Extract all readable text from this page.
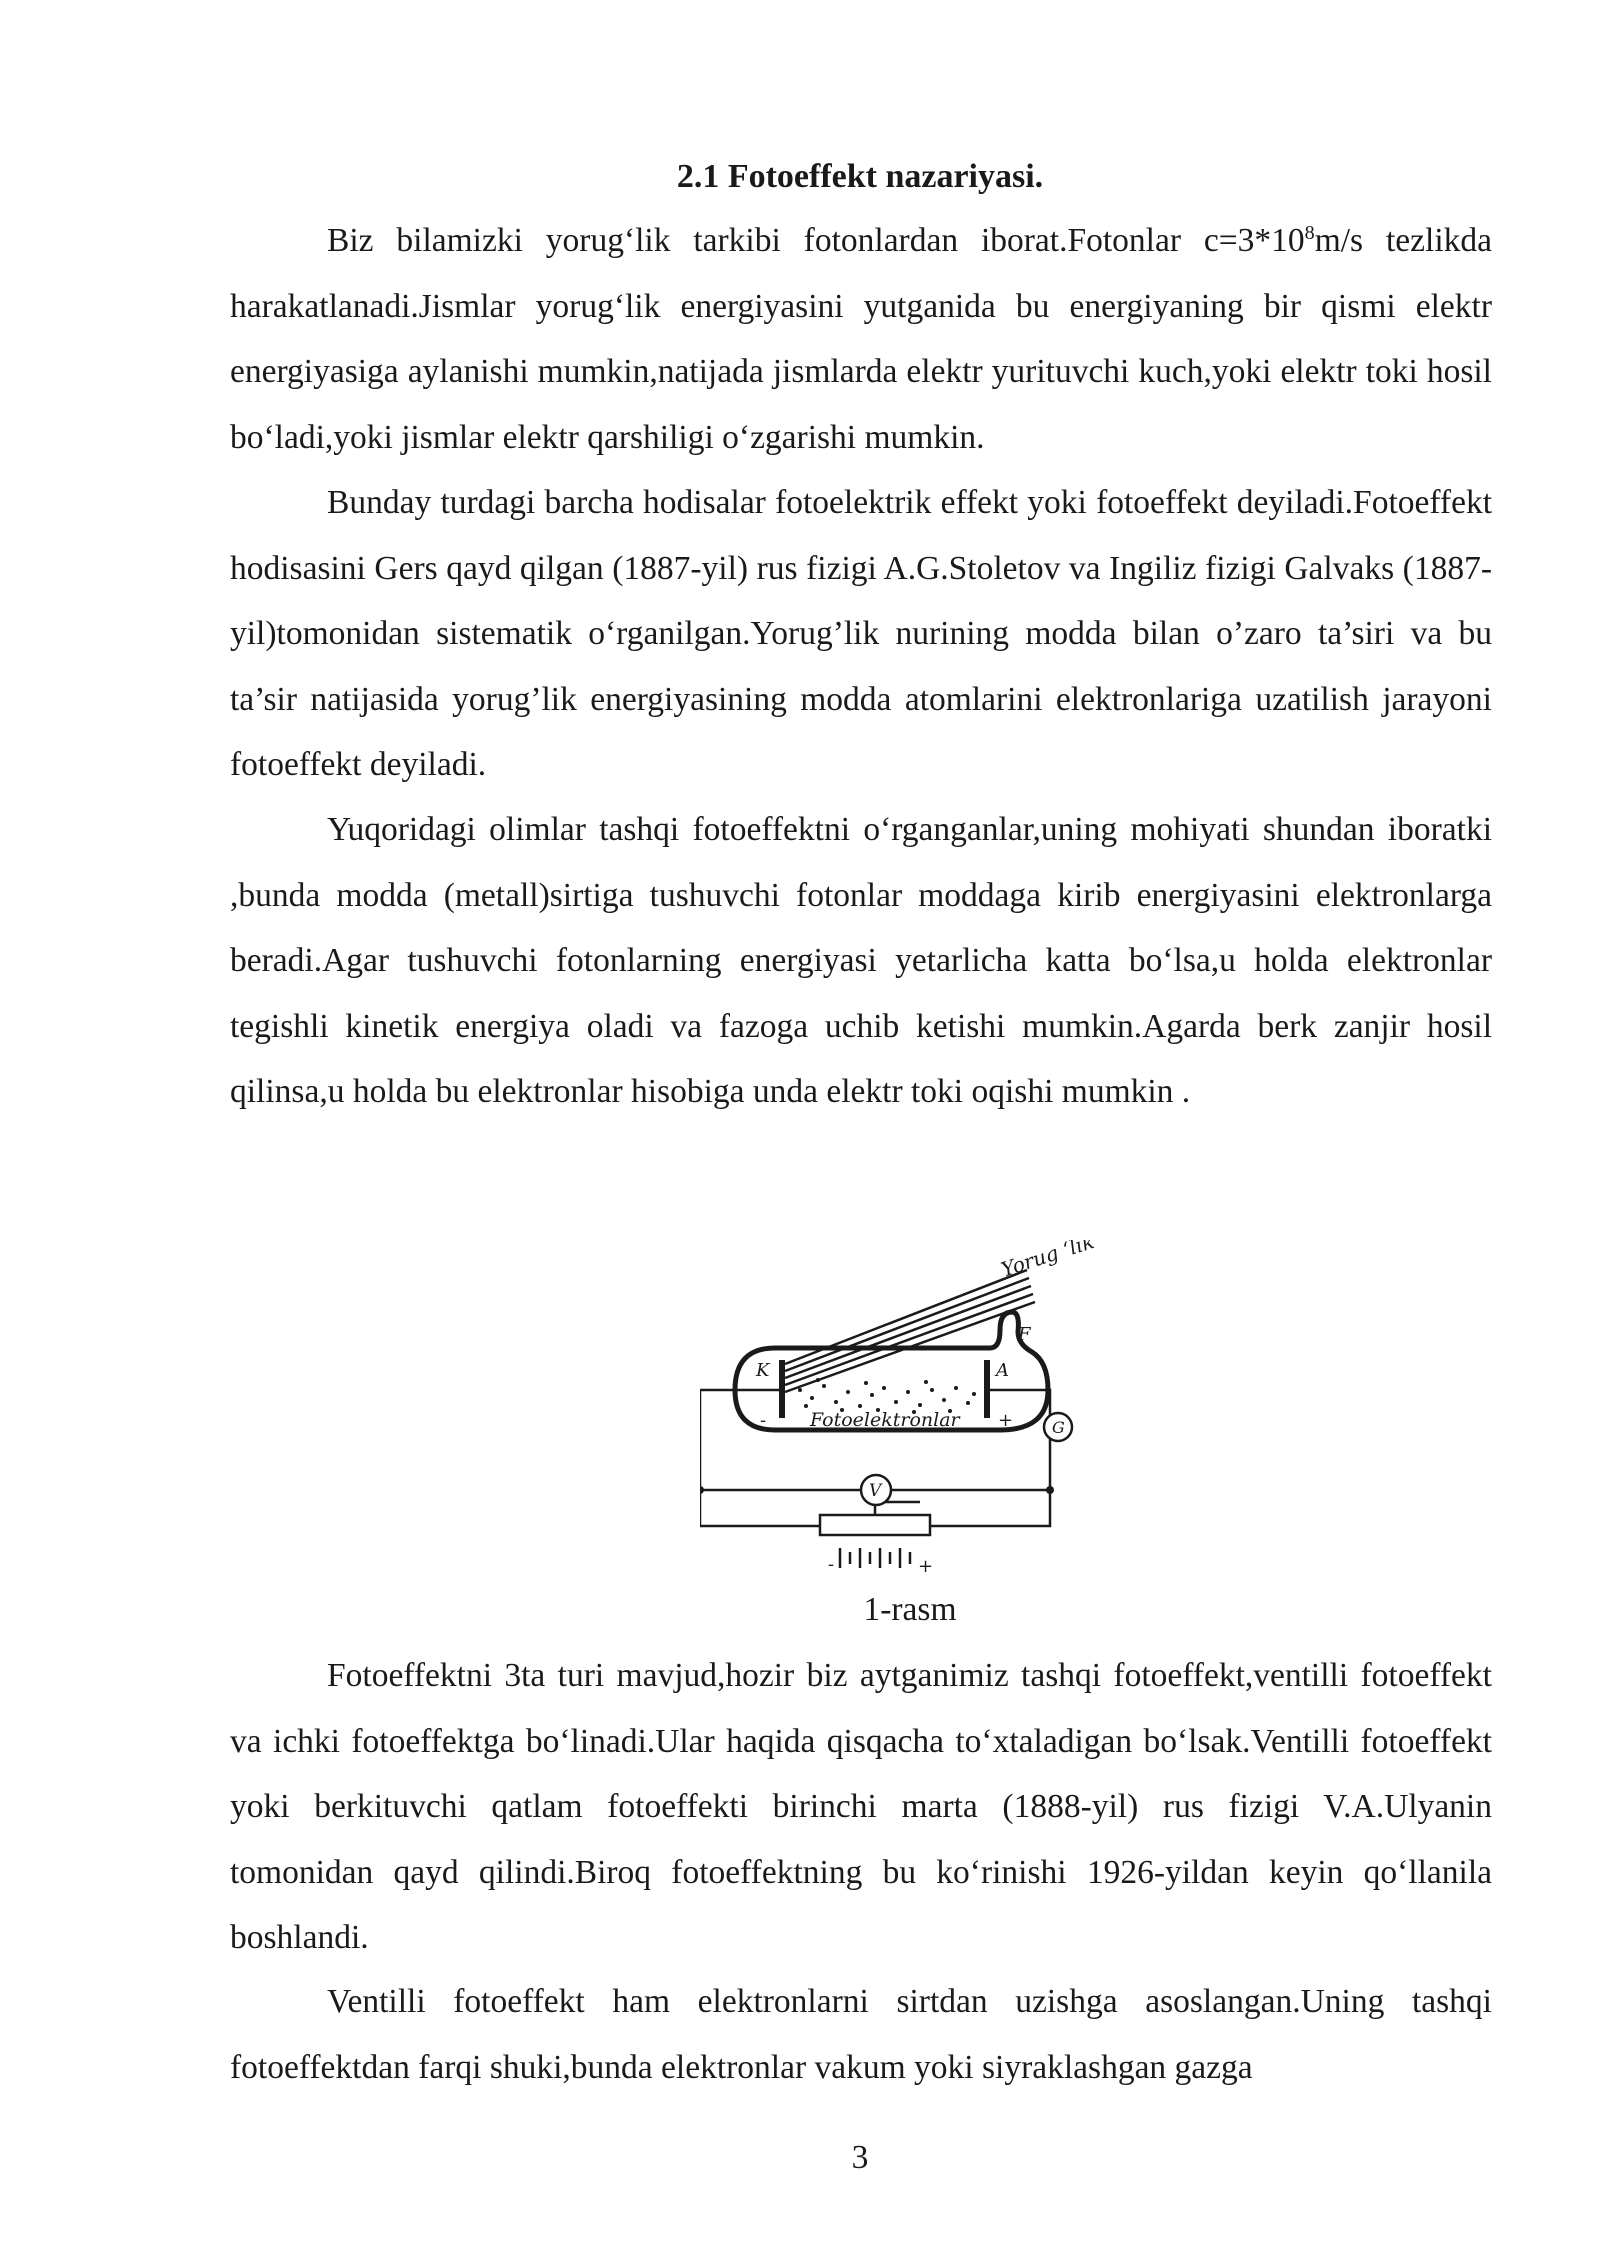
2.1 Fotoeffekt nazariyasi.

Biz bilamizki yorug‘lik tarkibi fotonlardan iborat.Fotonlar $c=3*10^8m/s$ tezlikda harakatlanadi.Jismlar yorug‘lik energiyasini yutganida bu energiyaning bir qismi elektr energiyasiga aylanishi mumkin,natijada jismlarda elektr yurituvchi kuch,yoki elektr toki hosil bo‘ladi,yoki jismlar elektr qarshiligi o‘zgarishi mumkin.

Bunday turdagi barcha hodisalar fotoelektrik effekt yoki fotoeffekt deyiladi.Fotoeffekt hodisasini Gers qayd qilgan (1887-yil) rus fizigi A.G.Stoletov va Ingiliz fizigi Galvaks (1887-yil)tomonidan sistematik o‘rganilgan.Yorug’lik nurining modda bilan o’zaro ta’siri va bu ta’sir natijasida yorug’lik energiyasining modda atomlarini elektronlariga uzatilish jarayoni fotoeffekt deyiladi.

Yuqoridagi olimlar tashqi fotoeffektni o‘rganganlar,uning mohiyati shundan iboratki ,bunda modda (metall)sirtiga tushuvchi fotonlar moddaga kirib energiyasini elektronlarga beradi.Agar tushuvchi fotonlarning energiyasi yetarlicha katta bo‘lsa,u holda elektronlar tegishli kinetik energiya oladi va fazoga uchib ketishi mumkin.Agarda berk zanjir hosil qilinsa,u holda bu elektronlar hisobiga unda elektr toki oqishi mumkin .

Yorug ‘lik
F
K	A
Fotoelektronlar
-	+ G
V
-	+
1-rasm

Fotoeffektni 3ta turi mavjud,hozir biz aytganimiz tashqi fotoeffekt,ventilli fotoeffekt va ichki fotoeffektga bo‘linadi.Ular haqida qisqacha to‘xtaladigan bo‘lsak.Ventilli fotoeffekt yoki berkituvchi qatlam fotoeffekti birinchi marta (1888-yil) rus fizigi V.A.Ulyanin tomonidan qayd qilindi.Biroq fotoeffektning bu ko‘rinishi 1926-yildan keyin qo‘llanila boshlandi.

Ventilli fotoeffekt ham elektronlarni sirtdan uzishga asoslangan.Uning tashqi fotoeffektdan farqi shuki,bunda elektronlar vakum yoki siyraklashgan gazga

3
